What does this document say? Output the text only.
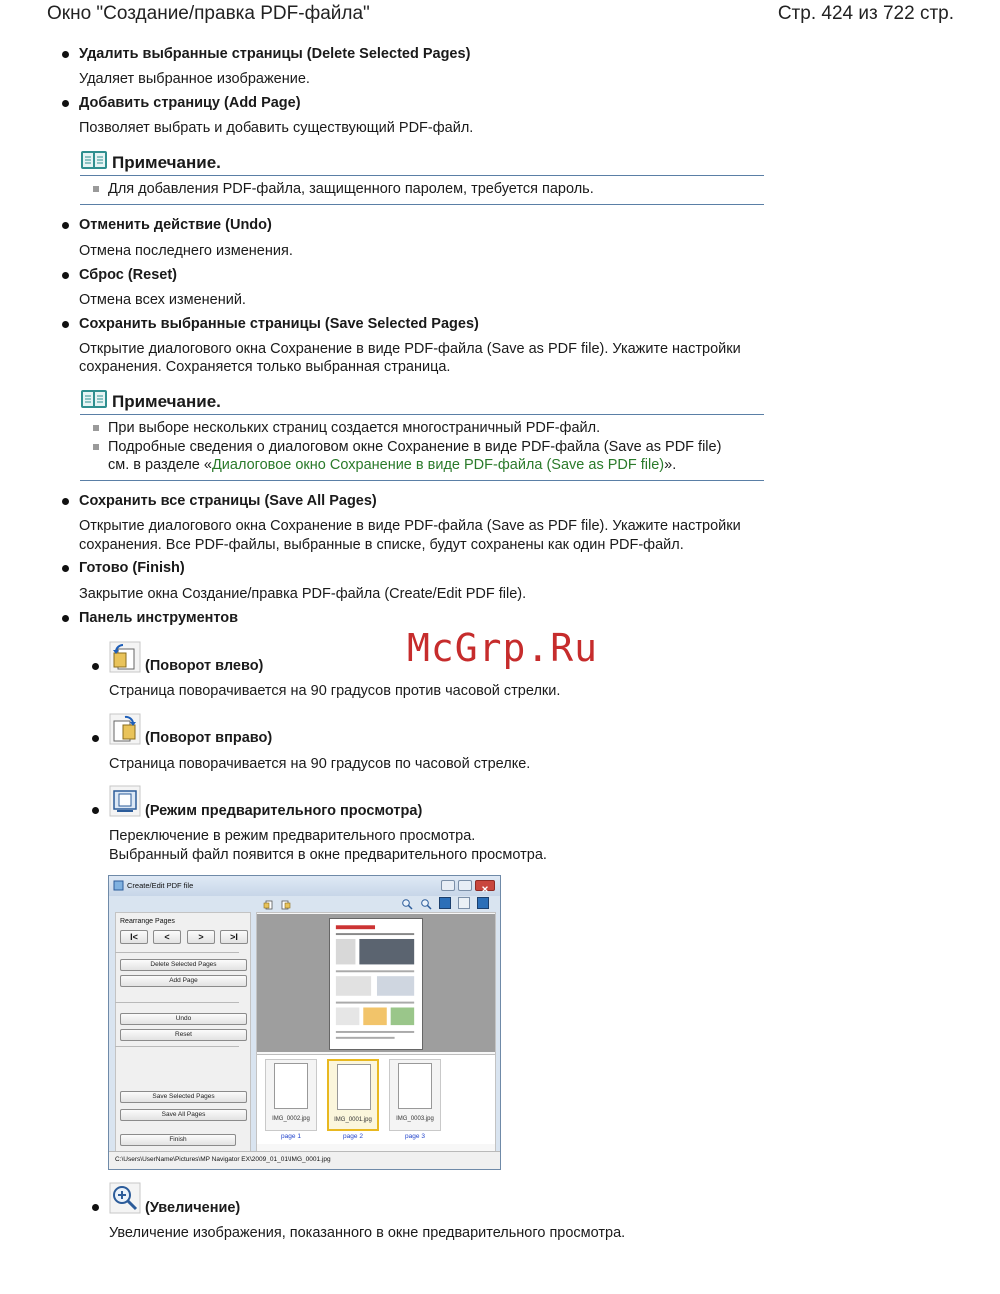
Окно "Создание/правка PDF-файла"	Стр. 424 из 722 стр.
Удалить выбранные страницы (Delete Selected Pages)
Удаляет выбранное изображение.
Добавить страницу (Add Page)
Позволяет выбрать и добавить существующий PDF-файл.
Примечание.
Для добавления PDF-файла, защищенного паролем, требуется пароль.
Отменить действие (Undo)
Отмена последнего изменения.
Сброс (Reset)
Отмена всех изменений.
Сохранить выбранные страницы (Save Selected Pages)
Открытие диалогового окна Сохранение в виде PDF-файла (Save as PDF file). Укажите настройки
сохранения. Сохраняется только выбранная страница.
Примечание.
При выборе нескольких страниц создается многостраничный PDF-файл.
Подробные сведения о диалоговом окне Сохранение в виде PDF-файла (Save as PDF file)
см. в разделе «Диалоговое окно Сохранение в виде PDF-файла (Save as PDF file)».
Сохранить все страницы (Save All Pages)
Открытие диалогового окна Сохранение в виде PDF-файла (Save as PDF file). Укажите настройки
сохранения. Все PDF-файлы, выбранные в списке, будут сохранены как один PDF-файл.
Готово (Finish)
Закрытие окна Создание/правка PDF-файла (Create/Edit PDF file).
Панель инструментов
McGrp.Ru
(Поворот влево)
Страница поворачивается на 90 градусов против часовой стрелки.
(Поворот вправо)
Страница поворачивается на 90 градусов по часовой стрелке.
(Режим предварительного просмотра)
Переключение в режим предварительного просмотра.
Выбранный файл появится в окне предварительного просмотра.
Create/Edit PDF file
Rearrange Pages
I<	<	>	>I
Delete Selected Pages
Add Page
Undo
Reset
Save Selected Pages
Save All Pages
Finish
IMG_0002.jpg
page 1
IMG_0001.jpg
page 2
IMG_0003.jpg
page 3
C:\Users\UserName\Pictures\MP Navigator EX\2009_01_01\IMG_0001.jpg
(Увеличение)
Увеличение изображения, показанного в окне предварительного просмотра.
